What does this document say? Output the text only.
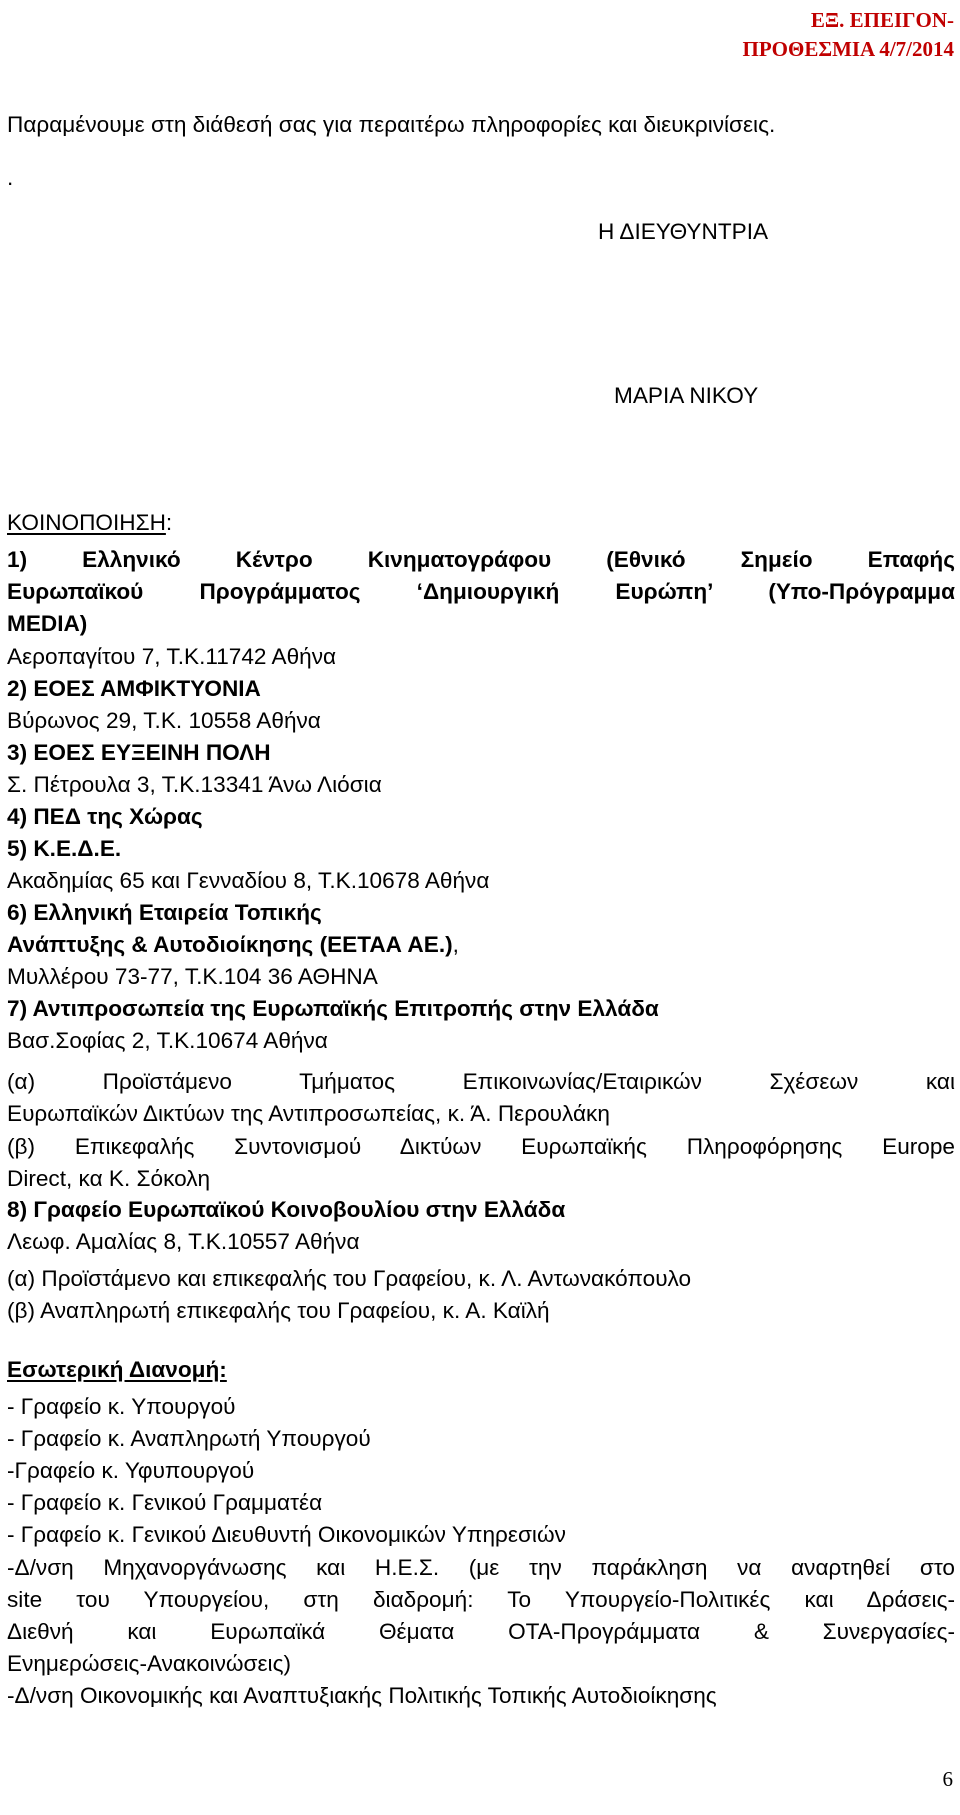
ΕΞ. ΕΠΕΙΓΟΝ-
ΠΡΟΘΕΣΜΙΑ 4/7/2014
Παραμένουμε στη διάθεσή σας για περαιτέρω πληροφορίες και διευκρινίσεις.
.
Η ΔΙΕΥΘΥΝΤΡΙΑ
ΜΑΡΙΑ ΝΙΚΟΥ
ΚΟΙΝΟΠΟΙΗΣΗ:
1) Ελληνικό Κέντρο Κινηματογράφου (Εθνικό Σημείο Επαφής
Ευρωπαϊκού Προγράμματος ‘Δημιουργική Ευρώπη’ (Υπο-Πρόγραμμα
MEDIA)
Αεροπαγίτου 7, Τ.Κ.11742 Αθήνα
2) ΕΟΕΣ ΑΜΦΙΚΤΥΟΝΙΑ
Βύρωνος 29, Τ.Κ. 10558 Αθήνα
3) ΕΟΕΣ ΕΥΞΕΙΝΗ ΠΟΛΗ
Σ. Πέτρουλα 3, Τ.Κ.13341 Άνω Λιόσια
4) ΠΕΔ της Χώρας
5) Κ.Ε.Δ.Ε.
Ακαδημίας 65 και Γενναδίου 8, Τ.Κ.10678 Αθήνα
6) Ελληνική Εταιρεία Τοπικής
Ανάπτυξης & Αυτοδιοίκησης (ΕΕΤΑΑ ΑΕ.),
Μυλλέρου 73-77, Τ.Κ.104 36 ΑΘΗΝΑ
7) Αντιπροσωπεία της Ευρωπαϊκής Επιτροπής στην Ελλάδα
Βασ.Σοφίας 2, Τ.Κ.10674 Αθήνα
(α) Προϊστάμενο Τμήματος Επικοινωνίας/Εταιρικών Σχέσεων και
Ευρωπαϊκών Δικτύων της Αντιπροσωπείας, κ. Ά. Περουλάκη
(β) Επικεφαλής Συντονισμού Δικτύων Ευρωπαϊκής Πληροφόρησης Europe
Direct, κα Κ. Σόκολη
8) Γραφείο Ευρωπαϊκού Κοινοβουλίου στην Ελλάδα
Λεωφ. Αμαλίας 8, Τ.Κ.10557 Αθήνα
(α) Προϊστάμενο και επικεφαλής του Γραφείου, κ. Λ. Αντωνακόπουλο
(β) Αναπληρωτή επικεφαλής του Γραφείου, κ. Α. Καϊλή
Εσωτερική Διανομή:
- Γραφείο κ. Υπουργού
- Γραφείο κ. Αναπληρωτή Υπουργού
-Γραφείο κ. Υφυπουργού
- Γραφείο κ. Γενικού Γραμματέα
- Γραφείο κ. Γενικού Διευθυντή Οικονομικών Υπηρεσιών
-Δ/νση Μηχανοργάνωσης και Η.Ε.Σ. (με την παράκληση να αναρτηθεί στο
site του Υπουργείου, στη διαδρομή: Το Υπουργείο-Πολιτικές και Δράσεις-
Διεθνή και Ευρωπαϊκά Θέματα ΟΤΑ-Προγράμματα & Συνεργασίες-
Ενημερώσεις-Ανακοινώσεις)
-Δ/νση Οικονομικής και Αναπτυξιακής Πολιτικής Τοπικής Αυτοδιοίκησης
6
